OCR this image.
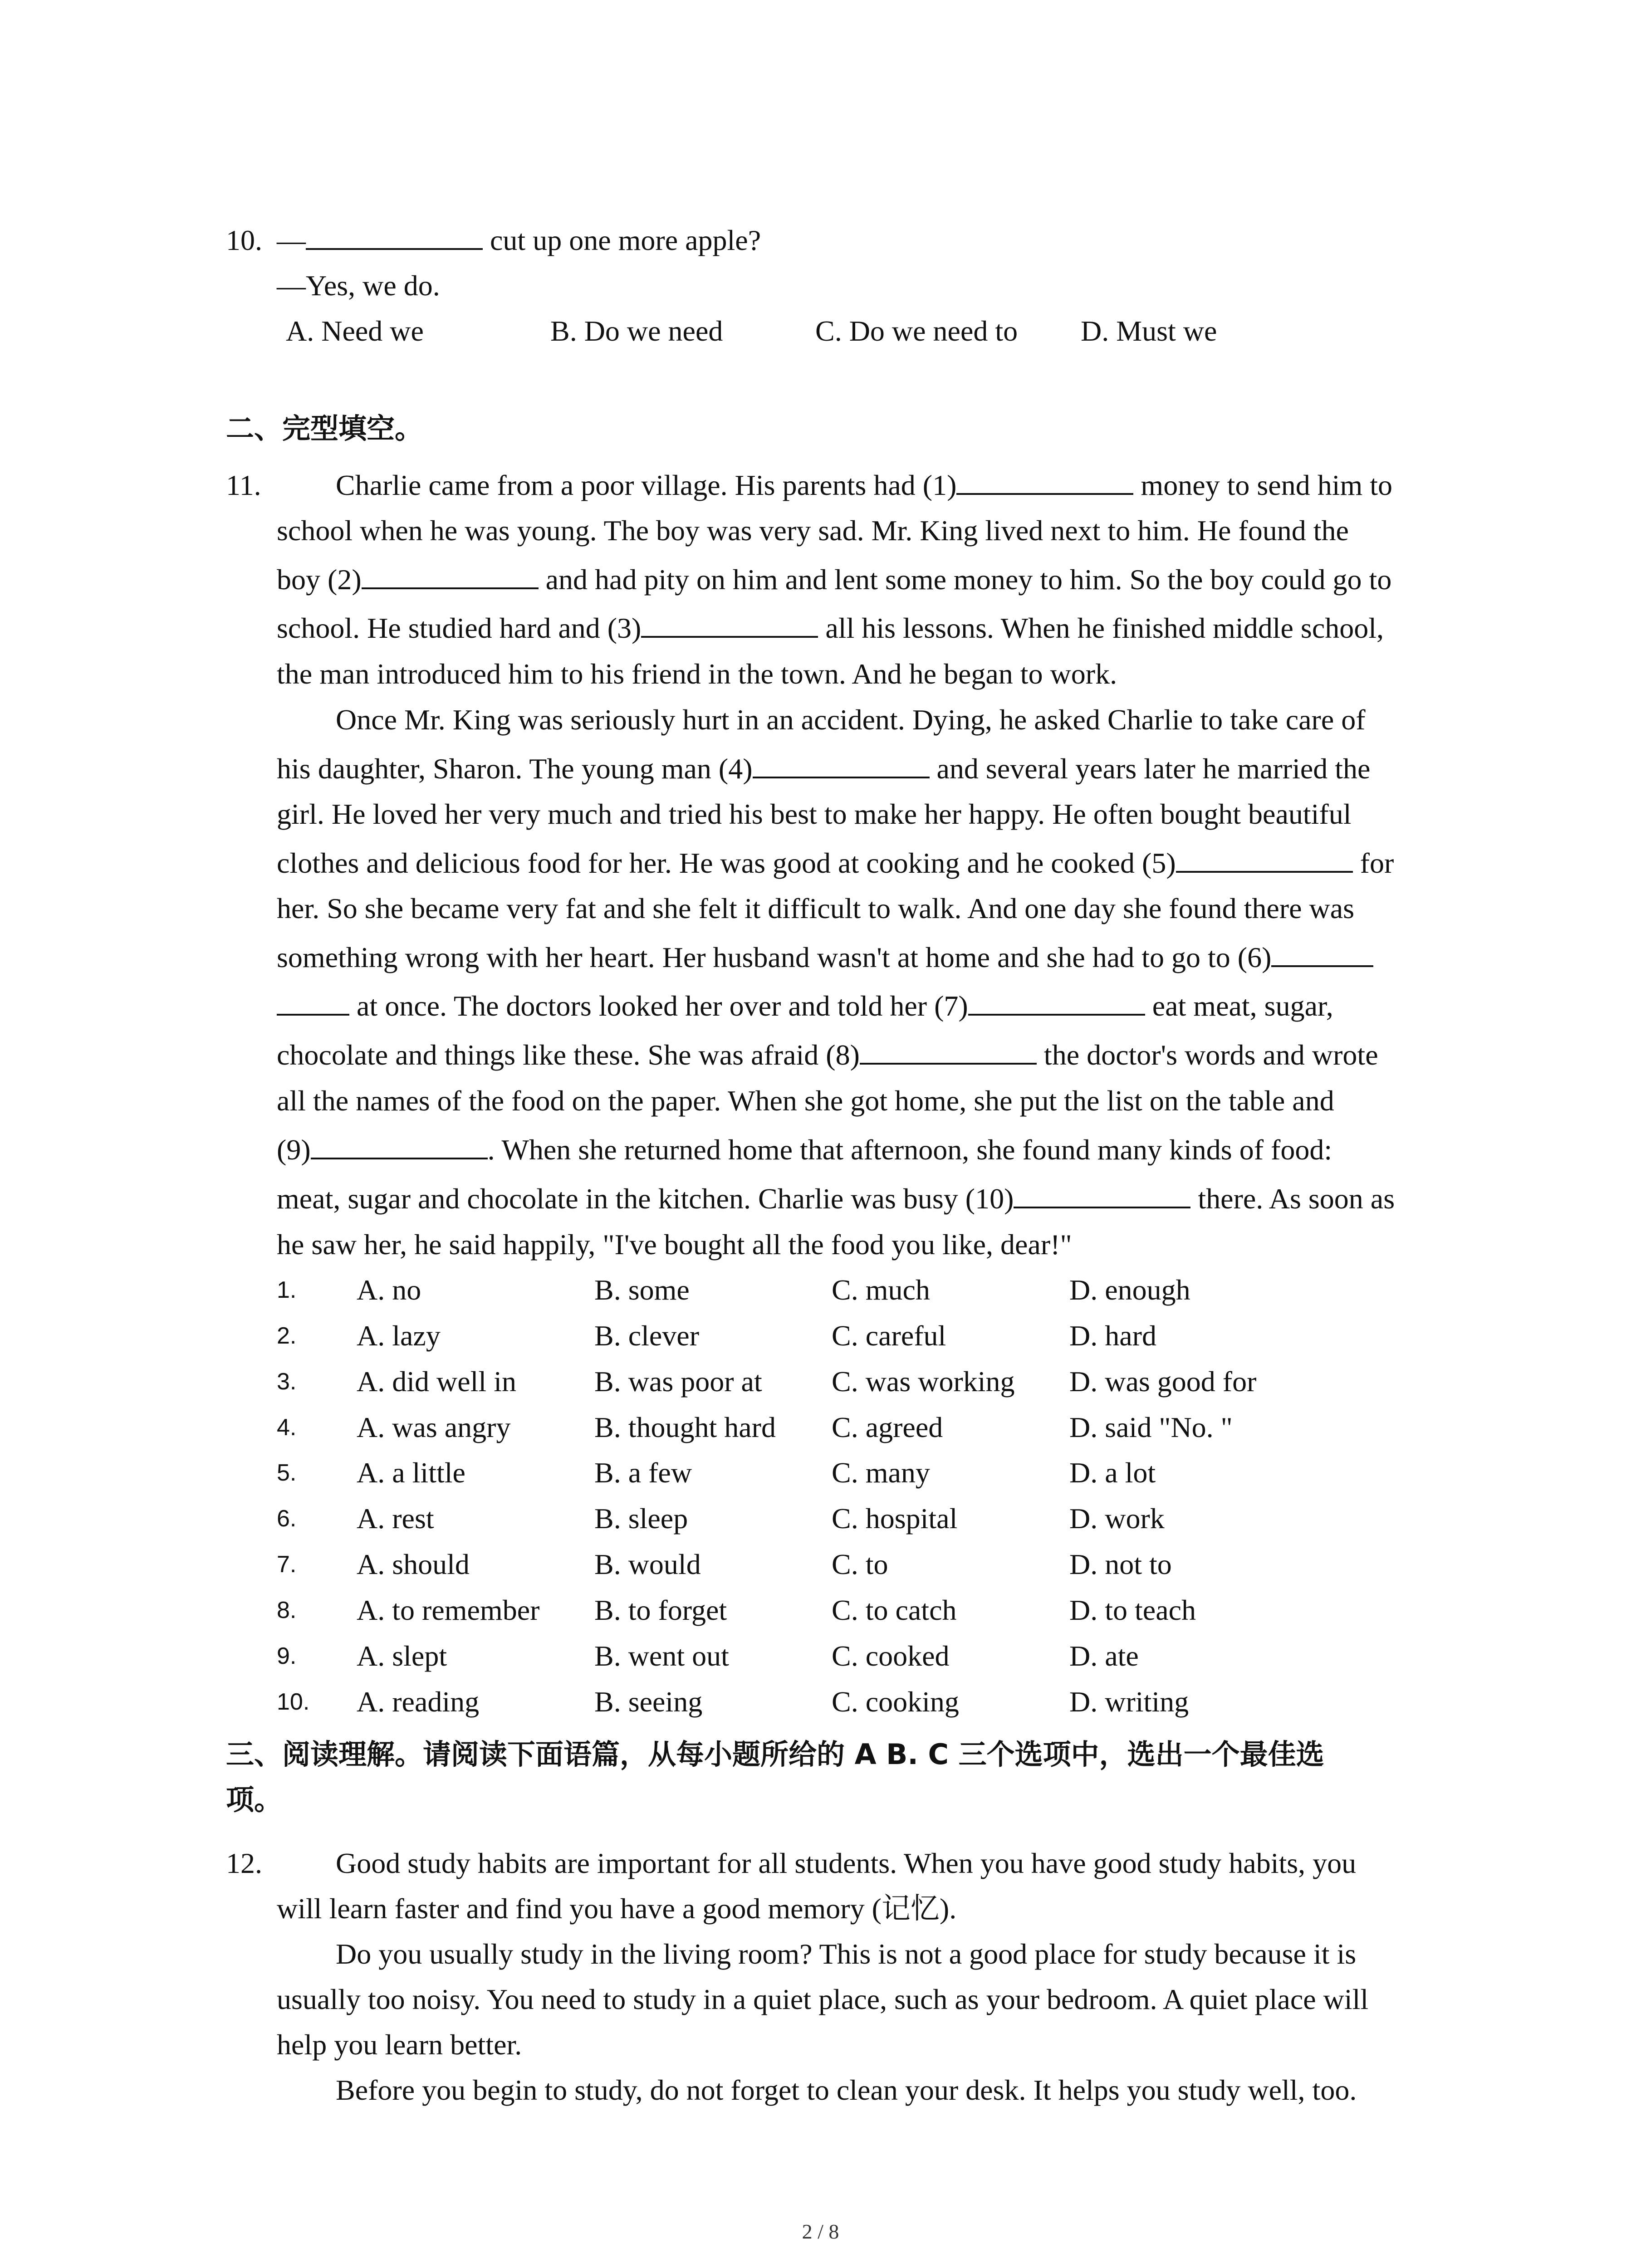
10. —	cut up one more apple?
—Yes, we do.
A. Need we	B. Do we need	C. Do we need to D. Must we
二、完型填空。
11.	Charlie came from a poor village. His parents had (1)	money to send him to
school when he was young. The boy was very sad. Mr. King lived next to him. He found the
boy (2)	and had pity on him and lent some money to him. So the boy could go to
school. He studied hard and (3)	all his lessons. When he finished middle school,
the man introduced him to his friend in the town. And he began to work.
Once Mr. King was seriously hurt in an accident. Dying, he asked Charlie to take care of
his daughter, Sharon. The young man (4)	and several years later he married the
girl. He loved her very much and tried his best to make her happy. He often bought beautiful
clothes and delicious food for her. He was good at cooking and he cooked (5)	for
her. So she became very fat and she felt it difficult to walk. And one day she found there was
something wrong with her heart. Her husband wasn't at home and she had to go to (6)
at once. The doctors looked her over and told her (7)	eat meat, sugar,
chocolate and things like these. She was afraid (8)	the doctor's words and wrote
all the names of the food on the paper. When she got home, she put the list on the table and
(9)	. When she returned home that afternoon, she found many kinds of food:
meat, sugar and chocolate in the kitchen. Charlie was busy (10)	there. As soon as
he saw her, he said happily, "I've bought all the food you like, dear!"
1. A. no	B. some	C. much	D. enough
2. A. lazy	B. clever	C. careful	D. hard
3. A. did well in	B. was poor at C. was working D. was good for
4. A. was angry	B. thought hard C. agreed	D. said "No. "
5. A. a little	B. a few	C. many	D. a lot
6. A. rest	B. sleep	C. hospital	D. work
7. A. should	B. would	C. to	D. not to
8. A. to remember B. to forget	C. to catch	D. to teach
9. A. slept	B. went out	C. cooked	D. ate
10. A. reading	B. seeing	C. cooking	D. writing
三、阅读理解。请阅读下面语篇，从每小题所给的 A B. C 三个选项中，选出一个最佳选
项。
12.	Good study habits are important for all students. When you have good study habits, you
will learn faster and find you have a good memory (记忆).
Do you usually study in the living room? This is not a good place for study because it is
usually too noisy. You need to study in a quiet place, such as your bedroom. A quiet place will
help you learn better.
Before you begin to study, do not forget to clean your desk. It helps you study well, too.
2 / 8
